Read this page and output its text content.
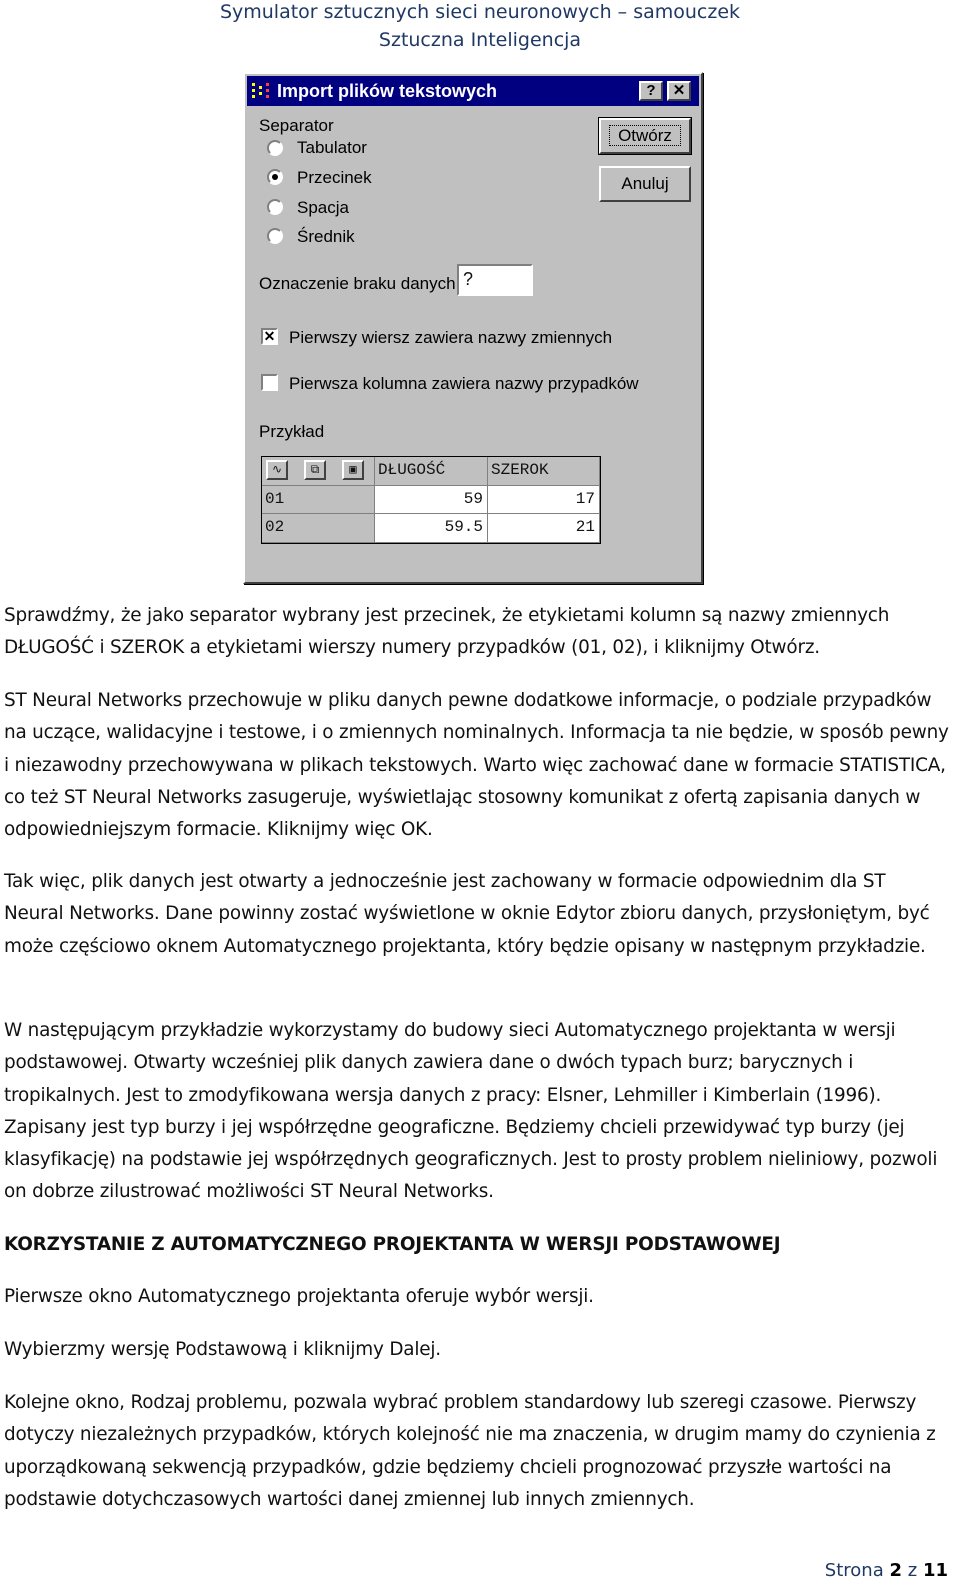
Symulator sztucznych sieci neuronowych – samouczek
Sztuczna Inteligencja
Import plików tekstowych	?	✕
Separator
Tabulator
Przecinek
Spacja
Średnik
Otwórz
Anuluj
Oznaczenie braku danych ?
✕ Pierwszy wiersz zawiera nazwy zmiennych
Pierwsza kolumna zawiera nazwy przypadków
Przykład
∿	⧉	▣	DŁUGOŚĆ	SZEROK
01	59	17
02	59.5	21
Sprawdźmy, że jako separator wybrany jest przecinek, że etykietami kolumn są nazwy zmiennych DŁUGOŚĆ i SZEROK a etykietami wierszy numery przypadków (01, 02), i kliknijmy Otwórz.
ST Neural Networks przechowuje w pliku danych pewne dodatkowe informacje, o podziale przypadków na uczące, walidacyjne i testowe, i o zmiennych nominalnych. Informacja ta nie będzie, w sposób pewny i niezawodny przechowywana w plikach tekstowych. Warto więc zachować dane w formacie STATISTICA, co też ST Neural Networks zasugeruje, wyświetlając stosowny komunikat z ofertą zapisania danych w odpowiedniejszym formacie. Kliknijmy więc OK.
Tak więc, plik danych jest otwarty a jednocześnie jest zachowany w formacie odpowiednim dla ST Neural Networks. Dane powinny zostać wyświetlone w oknie Edytor zbioru danych, przysłoniętym, być może częściowo oknem Automatycznego projektanta, który będzie opisany w następnym przykładzie.
W następującym przykładzie wykorzystamy do budowy sieci Automatycznego projektanta w wersji podstawowej. Otwarty wcześniej plik danych zawiera dane o dwóch typach burz; barycznych i tropikalnych. Jest to zmodyfikowana wersja danych z pracy: Elsner, Lehmiller i Kimberlain (1996). Zapisany jest typ burzy i jej współrzędne geograficzne. Będziemy chcieli przewidywać typ burzy (jej klasyfikację) na podstawie jej współrzędnych geograficznych. Jest to prosty problem nieliniowy, pozwoli on dobrze zilustrować możliwości ST Neural Networks.
KORZYSTANIE Z AUTOMATYCZNEGO PROJEKTANTA W WERSJI PODSTAWOWEJ
Pierwsze okno Automatycznego projektanta oferuje wybór wersji.
Wybierzmy wersję Podstawową i kliknijmy Dalej.
Kolejne okno, Rodzaj problemu, pozwala wybrać problem standardowy lub szeregi czasowe. Pierwszy dotyczy niezależnych przypadków, których kolejność nie ma znaczenia, w drugim mamy do czynienia z uporządkowaną sekwencją przypadków, gdzie będziemy chcieli prognozować przyszłe wartości na podstawie dotychczasowych wartości danej zmiennej lub innych zmiennych.
Strona 2 z 11
